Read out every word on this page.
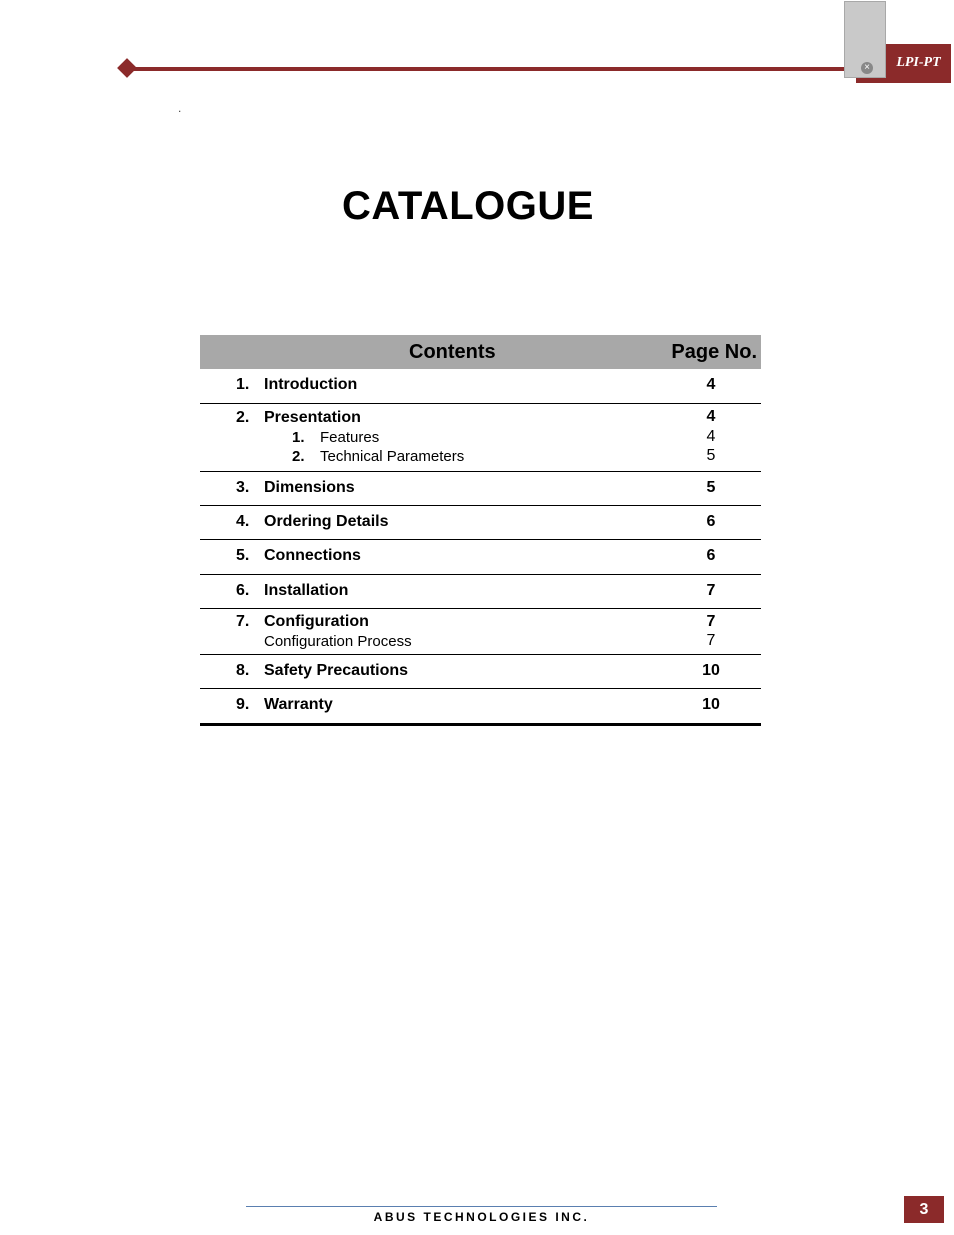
×	LPI-PT
.
CATALOGUE
Contents	Page No.
1. Introduction	4
2. Presentation	4
1. Features	4
2. Technical Parameters	5
3. Dimensions	5
4. Ordering Details	6
5. Connections	6
6. Installation	7
7. Configuration	7
Configuration Process	7
8. Safety Precautions	10
9. Warranty	10
ABUS TECHNOLOGIES INC.	3
